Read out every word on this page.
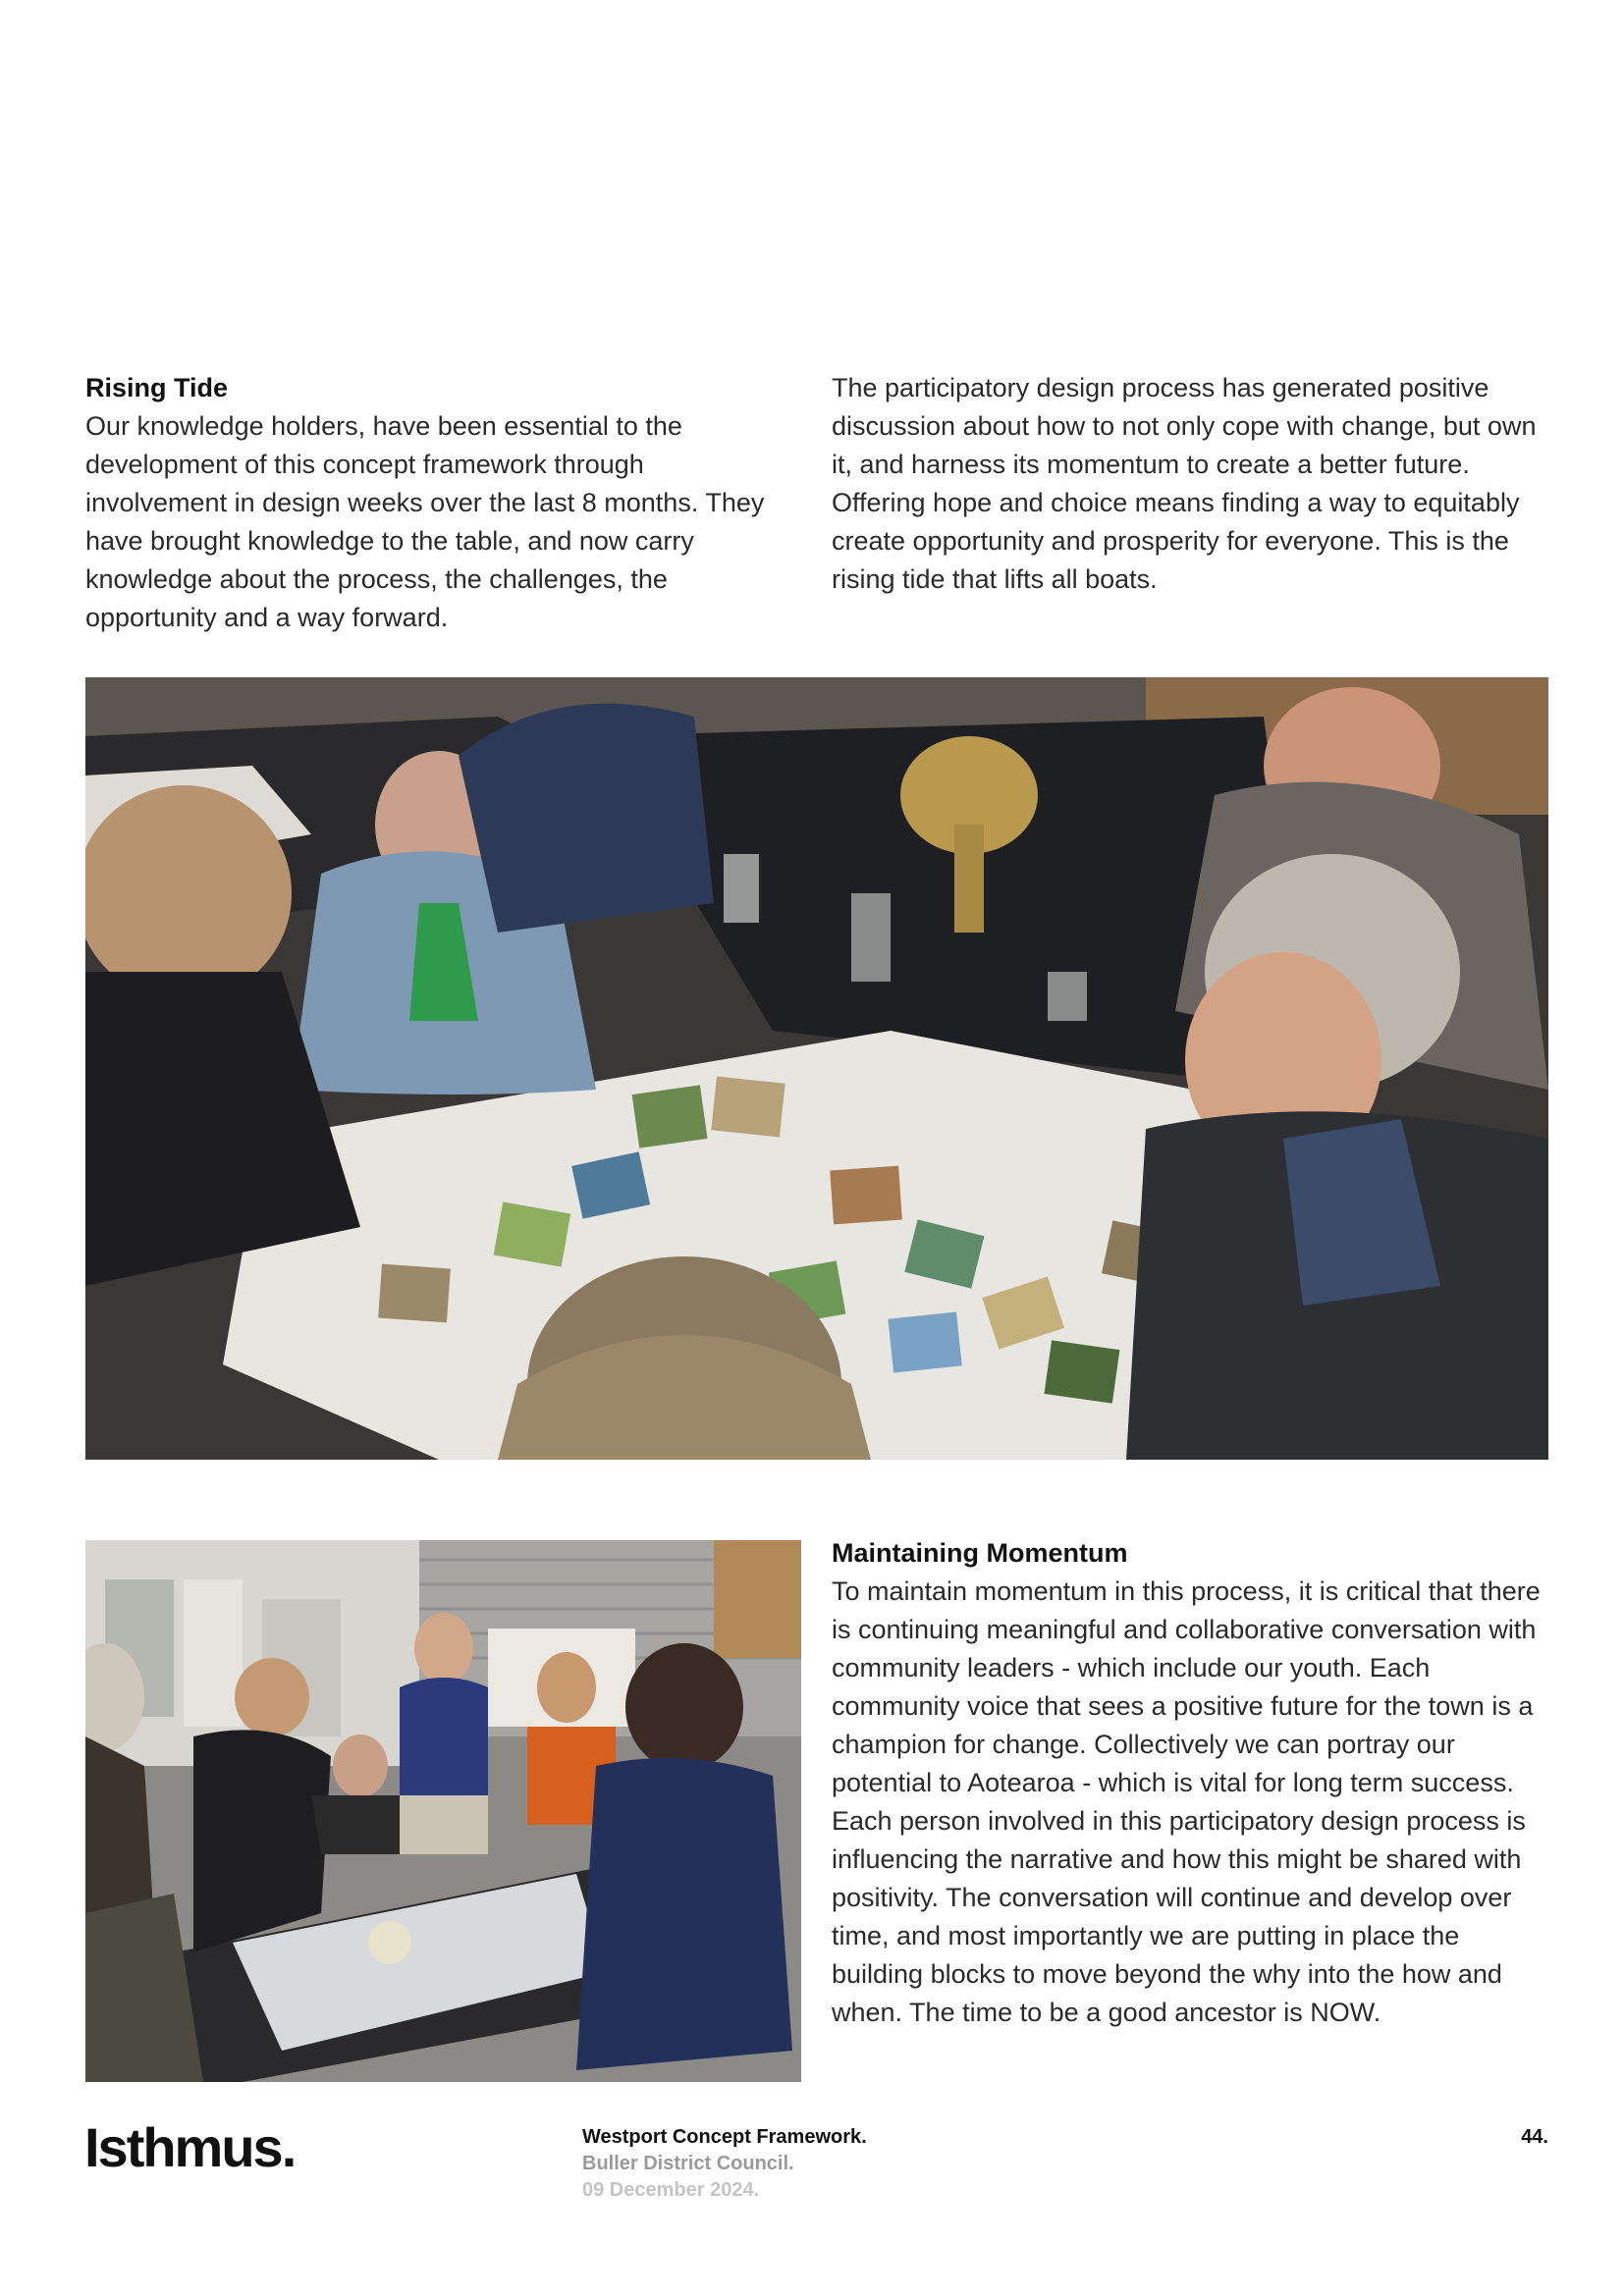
Rising Tide

Our knowledge holders, have been essential to the development of this concept framework through involvement in design weeks over the last 8 months. They have brought knowledge to the table, and now carry knowledge about the process, the challenges, the opportunity and a way forward.

The participatory design process has generated positive discussion about how to not only cope with change, but own it, and harness its momentum to create a better future. Offering hope and choice means finding a way to equitably create opportunity and prosperity for everyone. This is the rising tide that lifts all boats.

Maintaining Momentum

To maintain momentum in this process, it is critical that there is continuing meaningful and collaborative conversation with community leaders - which include our youth. Each community voice that sees a positive future for the town is a champion for change. Collectively we can portray our potential to Aotearoa - which is vital for long term success. Each person involved in this participatory design process is influencing the narrative and how this might be shared with positivity. The conversation will continue and develop over time, and most importantly we are putting in place the building blocks to move beyond the why into the how and when. The time to be a good ancestor is NOW.

Isthmus.	Westport Concept Framework.
Buller District Council.
09 December 2024.
44.
